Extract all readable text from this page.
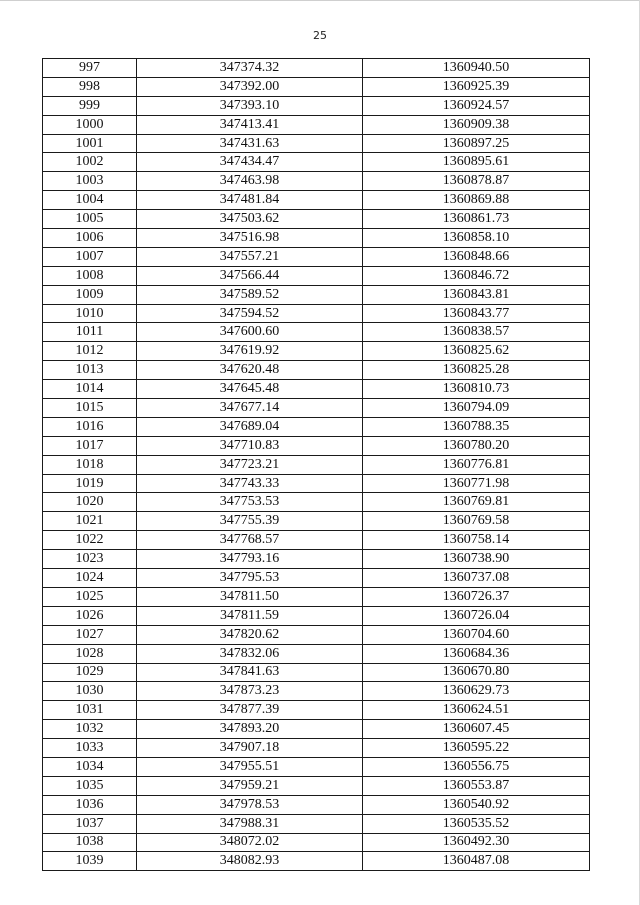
25
997	347374.32	1360940.50
998	347392.00	1360925.39
999	347393.10	1360924.57
1000	347413.41	1360909.38
1001	347431.63	1360897.25
1002	347434.47	1360895.61
1003	347463.98	1360878.87
1004	347481.84	1360869.88
1005	347503.62	1360861.73
1006	347516.98	1360858.10
1007	347557.21	1360848.66
1008	347566.44	1360846.72
1009	347589.52	1360843.81
1010	347594.52	1360843.77
1011	347600.60	1360838.57
1012	347619.92	1360825.62
1013	347620.48	1360825.28
1014	347645.48	1360810.73
1015	347677.14	1360794.09
1016	347689.04	1360788.35
1017	347710.83	1360780.20
1018	347723.21	1360776.81
1019	347743.33	1360771.98
1020	347753.53	1360769.81
1021	347755.39	1360769.58
1022	347768.57	1360758.14
1023	347793.16	1360738.90
1024	347795.53	1360737.08
1025	347811.50	1360726.37
1026	347811.59	1360726.04
1027	347820.62	1360704.60
1028	347832.06	1360684.36
1029	347841.63	1360670.80
1030	347873.23	1360629.73
1031	347877.39	1360624.51
1032	347893.20	1360607.45
1033	347907.18	1360595.22
1034	347955.51	1360556.75
1035	347959.21	1360553.87
1036	347978.53	1360540.92
1037	347988.31	1360535.52
1038	348072.02	1360492.30
1039	348082.93	1360487.08
